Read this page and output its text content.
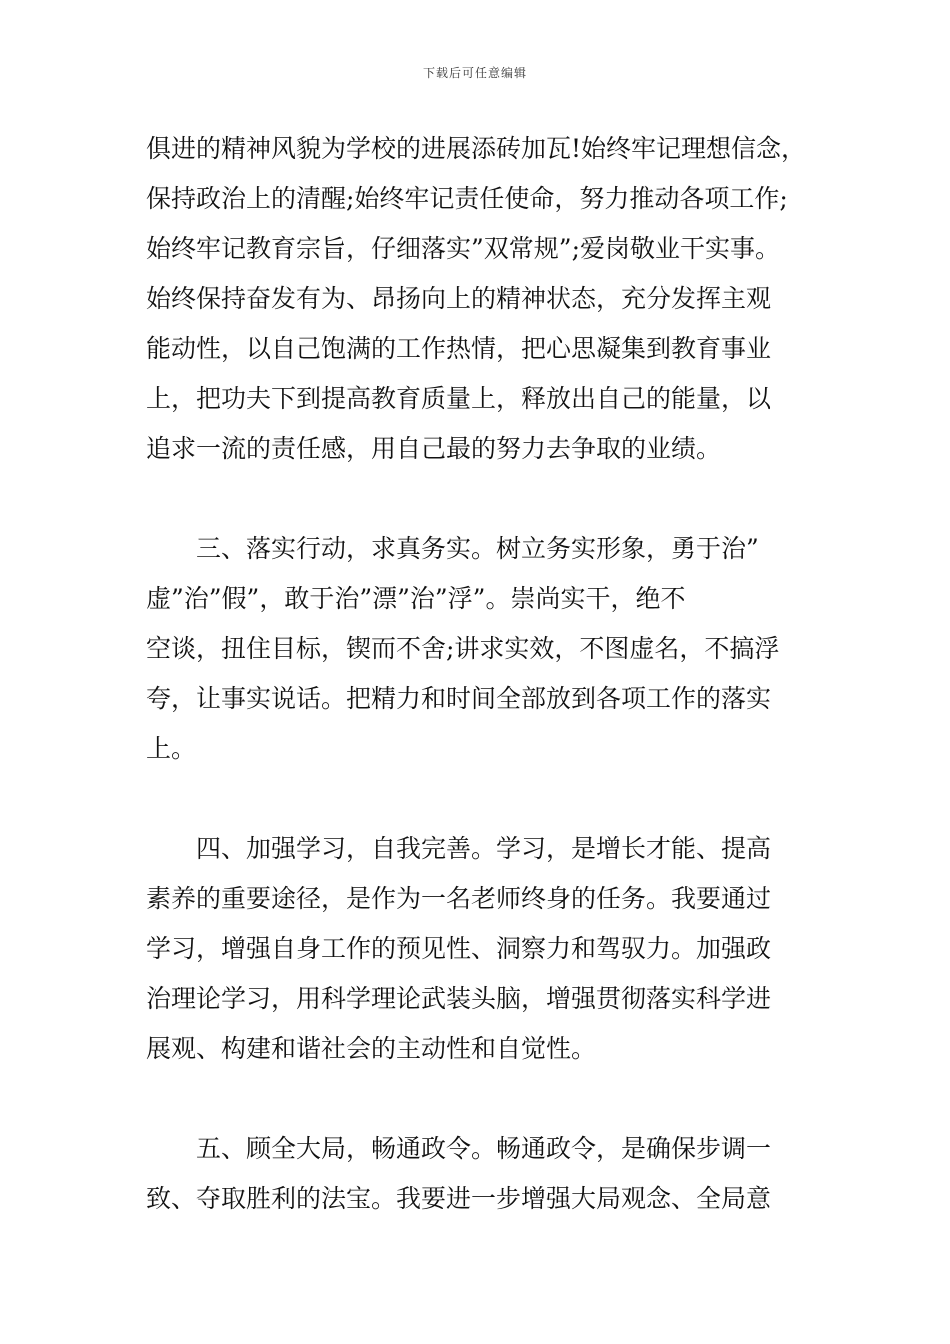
下载后可任意编辑
俱进的精神风貌为学校的进展添砖加瓦!始终牢记理想信念，
保持政治上的清醒;始终牢记责任使命，努力推动各项工作;
始终牢记教育宗旨，仔细落实”双常规”;爱岗敬业干实事。
始终保持奋发有为、昂扬向上的精神状态，充分发挥主观
能动性，以自己饱满的工作热情，把心思凝集到教育事业
上，把功夫下到提高教育质量上，释放出自己的能量，以
追求一流的责任感，用自己最的努力去争取的业绩。
　　三、落实行动，求真务实。树立务实形象，勇于治”
虚”治”假”，敢于治”漂”治”浮”。崇尚实干，绝不
空谈，扭住目标，锲而不舍;讲求实效，不图虚名，不搞浮
夸，让事实说话。把精力和时间全部放到各项工作的落实
上。
　　四、加强学习，自我完善。学习，是增长才能、提高
素养的重要途径，是作为一名老师终身的任务。我要通过
学习，增强自身工作的预见性、洞察力和驾驭力。加强政
治理论学习，用科学理论武装头脑，增强贯彻落实科学进
展观、构建和谐社会的主动性和自觉性。
　　五、顾全大局，畅通政令。畅通政令，是确保步调一
致、夺取胜利的法宝。我要进一步增强大局观念、全局意
